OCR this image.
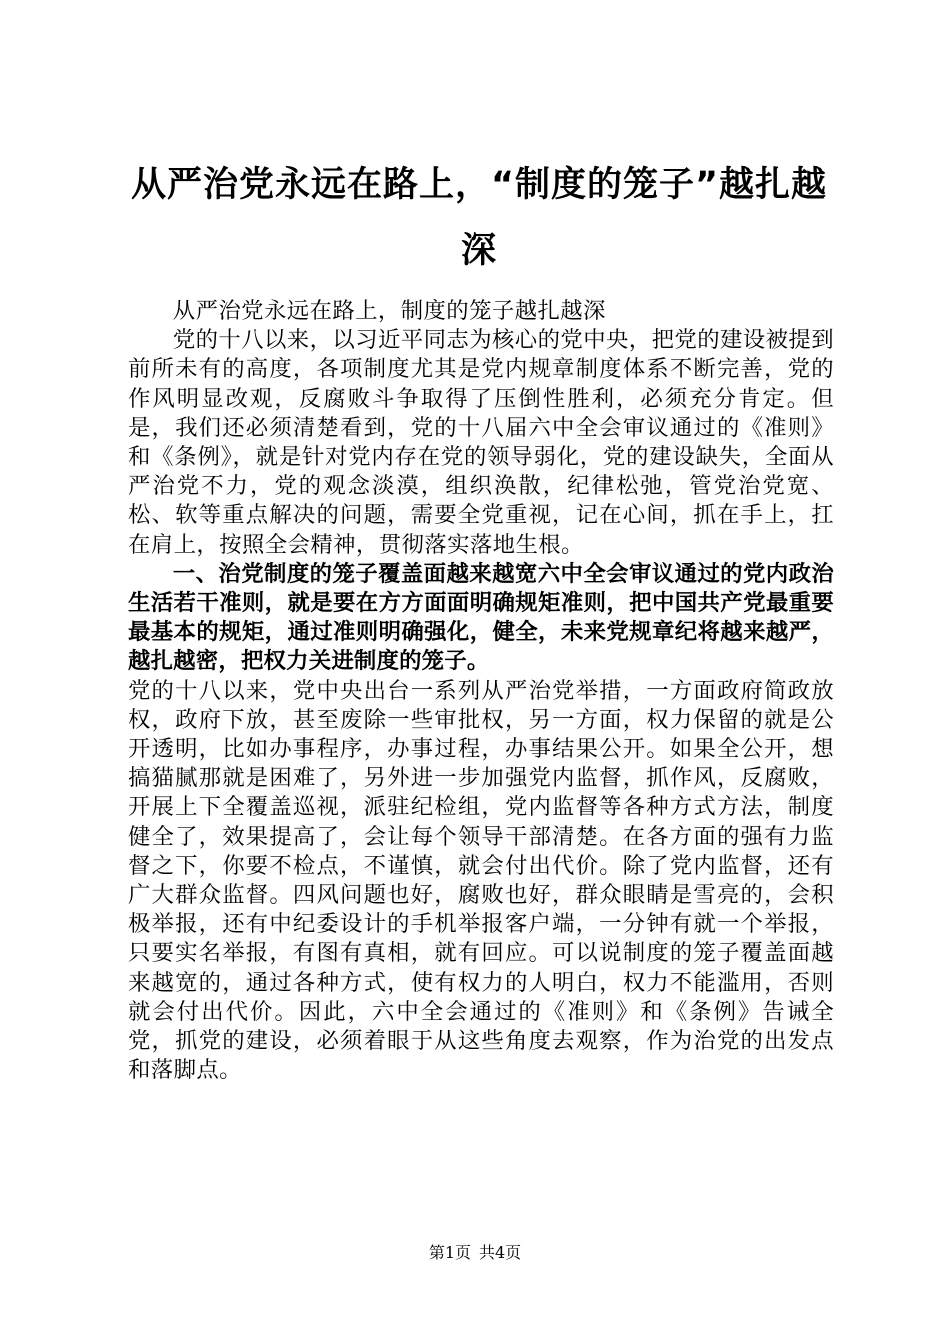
从严治党永远在路上，“制度的笼子”越扎越深

从严治党永远在路上，制度的笼子越扎越深

党的十八以来，以习近平同志为核心的党中央，把党的建设被提到前所未有的高度，各项制度尤其是党内规章制度体系不断完善，党的作风明显改观，反腐败斗争取得了压倒性胜利，必须充分肯定。但是，我们还必须清楚看到，党的十八届六中全会审议通过的《准则》和《条例》，就是针对党内存在党的领导弱化，党的建设缺失，全面从严治党不力，党的观念淡漠，组织涣散，纪律松弛，管党治党宽、松、软等重点解决的问题，需要全党重视，记在心间，抓在手上，扛在肩上，按照全会精神，贯彻落实落地生根。

一、治党制度的笼子覆盖面越来越宽六中全会审议通过的党内政治生活若干准则，就是要在方方面面明确规矩准则，把中国共产党最重要最基本的规矩，通过准则明确强化，健全，未来党规章纪将越来越严，越扎越密，把权力关进制度的笼子。

党的十八以来，党中央出台一系列从严治党举措，一方面政府简政放权，政府下放，甚至废除一些审批权，另一方面，权力保留的就是公开透明，比如办事程序，办事过程，办事结果公开。如果全公开，想搞猫腻那就是困难了，另外进一步加强党内监督，抓作风，反腐败，开展上下全覆盖巡视，派驻纪检组，党内监督等各种方式方法，制度健全了，效果提高了，会让每个领导干部清楚。在各方面的强有力监督之下，你要不检点，不谨慎，就会付出代价。除了党内监督，还有广大群众监督。四风问题也好，腐败也好，群众眼睛是雪亮的，会积极举报，还有中纪委设计的手机举报客户端，一分钟有就一个举报，只要实名举报，有图有真相，就有回应。可以说制度的笼子覆盖面越来越宽的，通过各种方式，使有权力的人明白，权力不能滥用，否则就会付出代价。因此，六中全会通过的《准则》和《条例》告诫全党，抓党的建设，必须着眼于从这些角度去观察，作为治党的出发点和落脚点。

第1页 共4页
